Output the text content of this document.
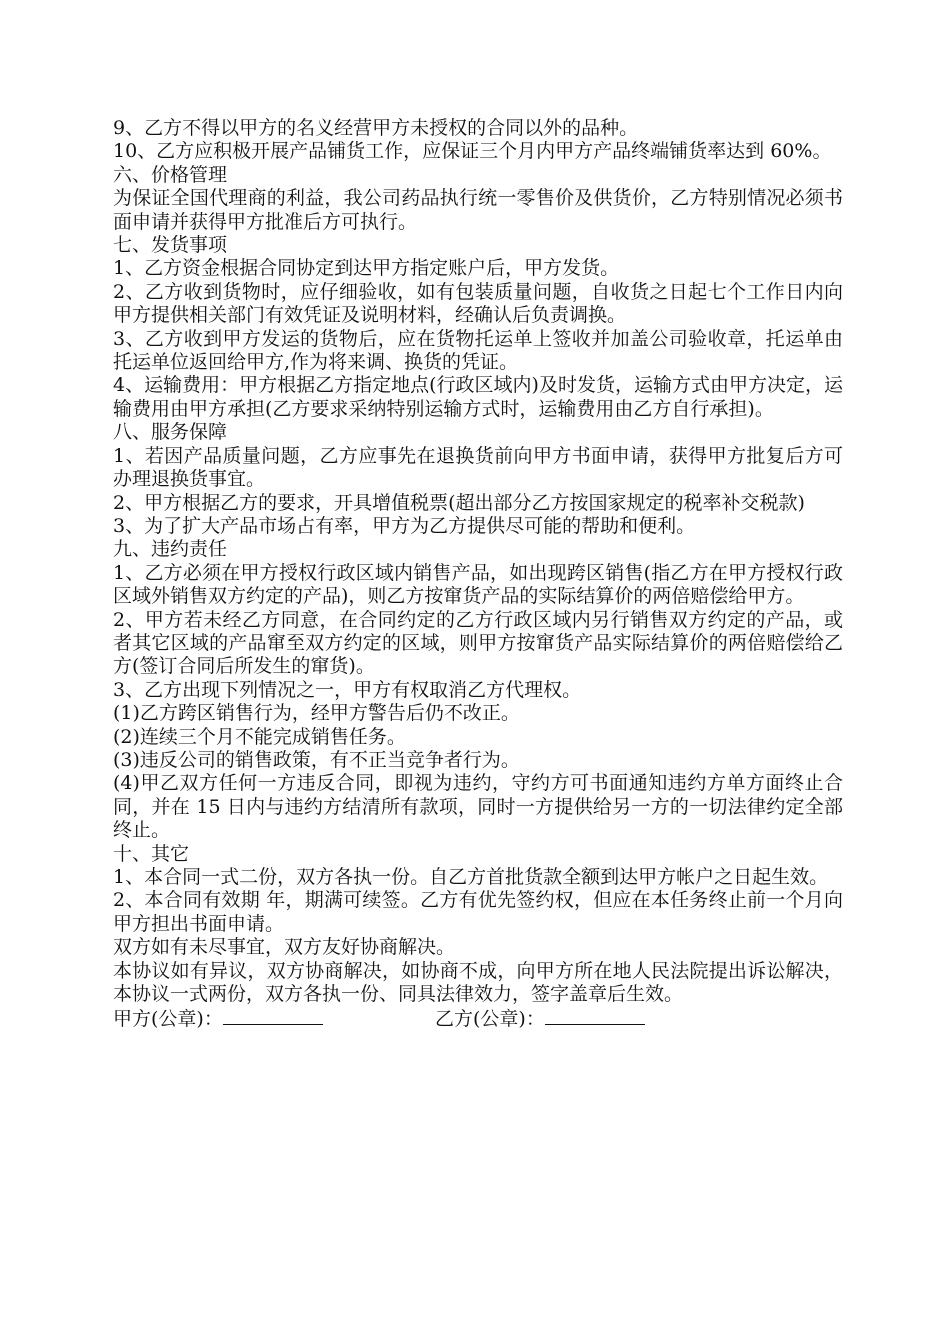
9、乙方不得以甲方的名义经营甲方未授权的合同以外的品种。

10、乙方应积极开展产品铺货工作，应保证三个月内甲方产品终端铺货率达到 60%。

六、价格管理

为保证全国代理商的利益，我公司药品执行统一零售价及供货价，乙方特别情况必须书面申请并获得甲方批准后方可执行。

七、发货事项

1、乙方资金根据合同协定到达甲方指定账户后，甲方发货。

2、乙方收到货物时，应仔细验收，如有包装质量问题，自收货之日起七个工作日内向甲方提供相关部门有效凭证及说明材料，经确认后负责调换。

3、乙方收到甲方发运的货物后，应在货物托运单上签收并加盖公司验收章，托运单由托运单位返回给甲方,作为将来调、换货的凭证。

4、运输费用：甲方根据乙方指定地点(行政区域内)及时发货，运输方式由甲方决定，运输费用由甲方承担(乙方要求采纳特别运输方式时，运输费用由乙方自行承担)。

八、服务保障

1、若因产品质量问题，乙方应事先在退换货前向甲方书面申请，获得甲方批复后方可办理退换货事宜。

2、甲方根据乙方的要求，开具增值税票(超出部分乙方按国家规定的税率补交税款)

3、为了扩大产品市场占有率，甲方为乙方提供尽可能的帮助和便利。

九、违约责任

1、乙方必须在甲方授权行政区域内销售产品，如出现跨区销售(指乙方在甲方授权行政区域外销售双方约定的产品)，则乙方按窜货产品的实际结算价的两倍赔偿给甲方。

2、甲方若未经乙方同意，在合同约定的乙方行政区域内另行销售双方约定的产品，或者其它区域的产品窜至双方约定的区域，则甲方按窜货产品实际结算价的两倍赔偿给乙方(签订合同后所发生的窜货)。

3、乙方出现下列情况之一，甲方有权取消乙方代理权。

(1)乙方跨区销售行为，经甲方警告后仍不改正。

(2)连续三个月不能完成销售任务。

(3)违反公司的销售政策，有不正当竞争者行为。

(4)甲乙双方任何一方违反合同，即视为违约，守约方可书面通知违约方单方面终止合同，并在 15 日内与违约方结清所有款项，同时一方提供给另一方的一切法律约定全部终止。

十、其它

1、本合同一式二份，双方各执一份。自乙方首批货款全额到达甲方帐户之日起生效。

2、本合同有效期 年，期满可续签。乙方有优先签约权，但应在本任务终止前一个月向甲方担出书面申请。

双方如有未尽事宜，双方友好协商解决。

本协议如有异议，双方协商解决，如协商不成，向甲方所在地人民法院提出诉讼解决，本协议一式两份，双方各执一份、同具法律效力，签字盖章后生效。

甲方(公章)：	乙方(公章)：
